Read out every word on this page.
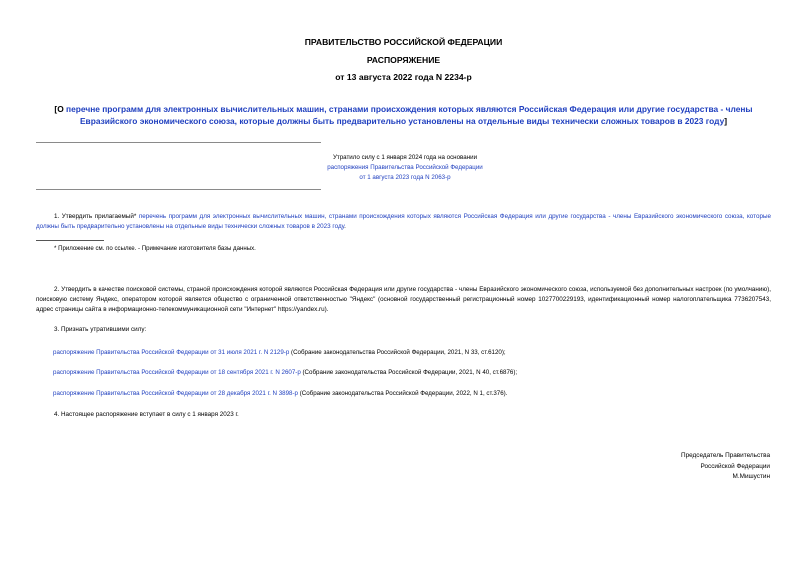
ПРАВИТЕЛЬСТВО РОССИЙСКОЙ ФЕДЕРАЦИИ
РАСПОРЯЖЕНИЕ
от 13 августа 2022 года N 2234-р
[О перечне программ для электронных вычислительных машин, странами происхождения которых являются Российская Федерация или другие государства - члены Евразийского экономического союза, которые должны быть предварительно установлены на отдельные виды технически сложных товаров в 2023 году]
Утратило силу с 1 января 2024 года на основании
распоряжения Правительства Российской Федерации
от 1 августа 2023 года N 2063-р
1. Утвердить прилагаемый* перечень программ для электронных вычислительных машин, странами происхождения которых являются Российская Федерация или другие государства - члены Евразийского экономического союза, которые должны быть предварительно установлены на отдельные виды технически сложных товаров в 2023 году.
* Приложение см. по ссылке. - Примечание изготовителя базы данных.
2. Утвердить в качестве поисковой системы, страной происхождения которой являются Российская Федерация или другие государства - члены Евразийского экономического союза, используемой без дополнительных настроек (по умолчанию), поисковую систему Яндекс, оператором которой является общество с ограниченной ответственностью "Яндекс" (основной государственный регистрационный номер 1027700229193, идентификационный номер налогоплательщика 7736207543, адрес страницы сайта в информационно-телекоммуникационной сети "Интернет" https://yandex.ru).
3. Признать утратившими силу:
распоряжение Правительства Российской Федерации от 31 июля 2021 г. N 2129-р (Собрание законодательства Российской Федерации, 2021, N 33, ст.6120);
распоряжение Правительства Российской Федерации от 18 сентября 2021 г. N 2607-р (Собрание законодательства Российской Федерации, 2021, N 40, ст.6876);
распоряжение Правительства Российской Федерации от 28 декабря 2021 г. N 3898-р (Собрание законодательства Российской Федерации, 2022, N 1, ст.376).
4. Настоящее распоряжение вступает в силу с 1 января 2023 г.
Председатель Правительства
Российской Федерации
М.Мишустин
